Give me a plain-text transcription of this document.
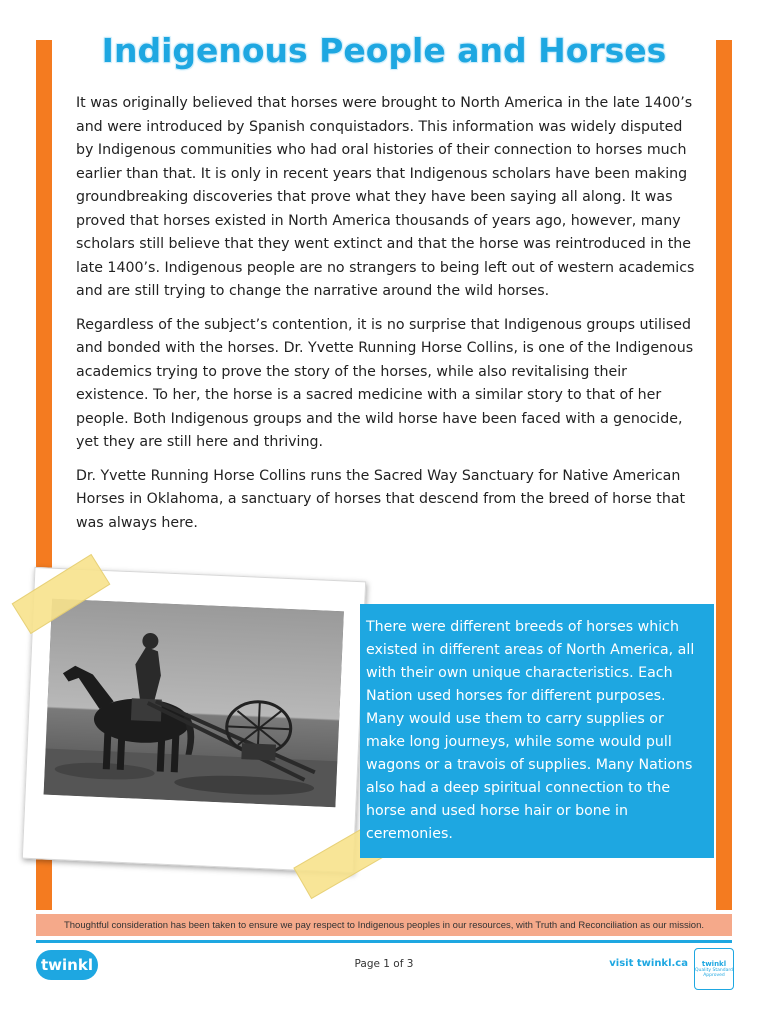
Indigenous People and Horses

It was originally believed that horses were brought to North America in the late 1400’s and were introduced by Spanish conquistadors. This information was widely disputed by Indigenous communities who had oral histories of their connection to horses much earlier than that. It is only in recent years that Indigenous scholars have been making groundbreaking discoveries that prove what they have been saying all along. It was proved that horses existed in North America thousands of years ago, however, many scholars still believe that they went extinct and that the horse was reintroduced in the late 1400’s. Indigenous people are no strangers to being left out of western academics and are still trying to change the narrative around the wild horses.

Regardless of the subject’s contention, it is no surprise that Indigenous groups utilised and bonded with the horses. Dr. Yvette Running Horse Collins, is one of the Indigenous academics trying to prove the story of the horses, while also revitalising their existence. To her, the horse is a sacred medicine with a similar story to that of her people. Both Indigenous groups and the wild horse have been faced with a genocide, yet they are still here and thriving.

Dr. Yvette Running Horse Collins runs the Sacred Way Sanctuary for Native American Horses in Oklahoma, a sanctuary of horses that descend from the breed of horse that was always here.

There were different breeds of horses which existed in different areas of North America, all with their own unique characteristics. Each Nation used horses for different purposes. Many would use them to carry supplies or make long journeys, while some would pull wagons or a travois of supplies. Many Nations also had a deep spiritual connection to the horse and used horse hair or bone in ceremonies.

Thoughtful consideration has been taken to ensure we pay respect to Indigenous peoples in our resources, with Truth and Reconciliation as our mission.
twinkl	Page 1 of 3	visit twinkl.ca twinkl
Quality Standard Approved
